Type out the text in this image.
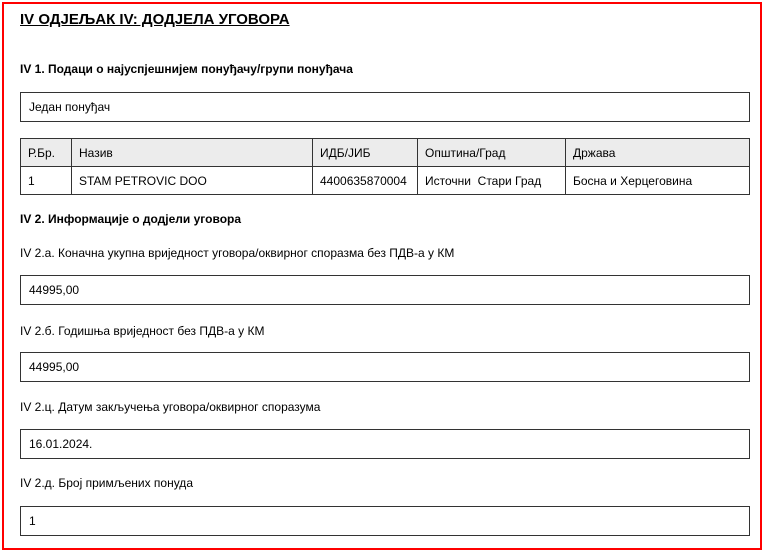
IV ОДЈЕЉАК IV: ДОДЈЕЛА УГОВОРА
IV 1. Подаци о најуспјешнијем понуђачу/групи понуђача
Један понуђач
Р.Бр.	Назив	ИДБ/ЈИБ	Општина/Град	Држава
1	STAM PETROVIC DOO	4400635870004	Источни  Стари Град	Босна и Херцеговина
IV 2. Информације о додјели уговора
IV 2.а. Коначна укупна вриједност уговора/оквирног споразма без ПДВ-а у КМ
44995,00
IV 2.б. Годишња вриједност без ПДВ-а у КМ
44995,00
IV 2.ц. Датум закључења уговора/оквирног споразума
16.01.2024.
IV 2.д. Број примљених понуда
1
